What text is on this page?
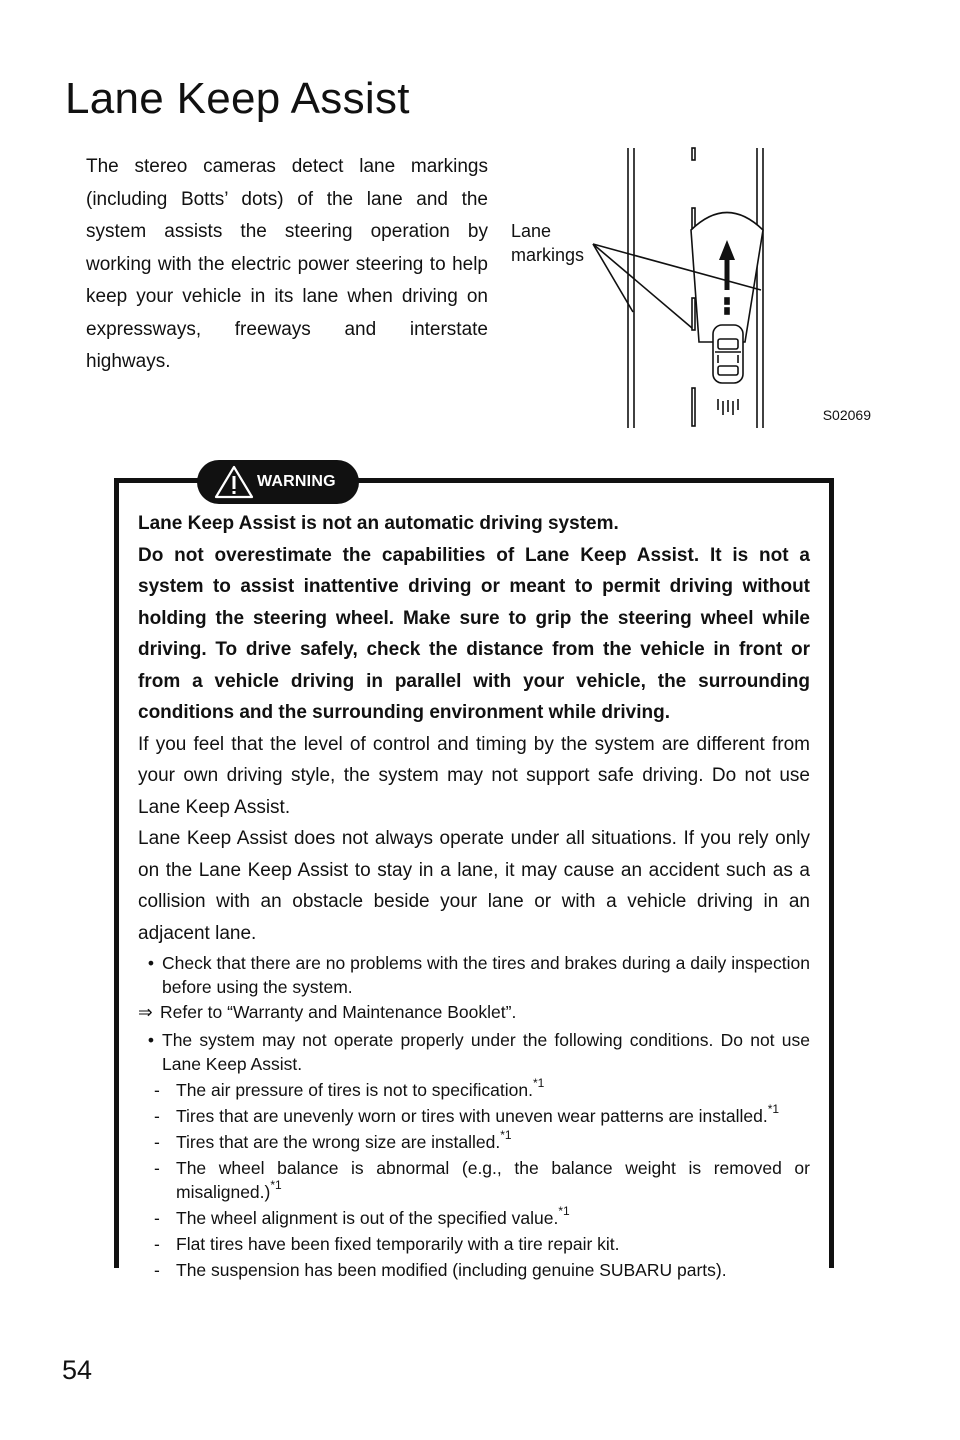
Lane Keep Assist

The stereo cameras detect lane markings (including Botts’ dots) of the lane and the system assists the steering operation by working with the electric power steering to help keep your vehicle in its lane when driving on expressways, freeways and interstate highways.

Lane
markings
S02069
WARNING

Lane Keep Assist is not an automatic driving system.

Do not overestimate the capabilities of Lane Keep Assist. It is not a system to assist inattentive driving or meant to permit driving without holding the steering wheel. Make sure to grip the steering wheel while driving. To drive safely, check the distance from the vehicle in front or from a vehicle driving in parallel with your vehicle, the surrounding conditions and the surrounding environment while driving.

If you feel that the level of control and timing by the system are different from your own driving style, the system may not support safe driving. Do not use Lane Keep Assist.

Lane Keep Assist does not always operate under all situations. If you rely only on the Lane Keep Assist to stay in a lane, it may cause an accident such as a collision with an obstacle beside your lane or with a vehicle driving in an adjacent lane.

• Check that there are no problems with the tires and brakes during a daily inspection before using the system.
⇒ Refer to “Warranty and Maintenance Booklet”.
• The system may not operate properly under the following conditions. Do not use Lane Keep Assist.
- The air pressure of tires is not to specification.$^{*1}$
- Tires that are unevenly worn or tires with uneven wear patterns are installed.$^{*1}$
- Tires that are the wrong size are installed.$^{*1}$
- The wheel balance is abnormal (e.g., the balance weight is removed or misaligned.)$^{*1}$
- The wheel alignment is out of the specified value.$^{*1}$
- Flat tires have been fixed temporarily with a tire repair kit.
- The suspension has been modified (including genuine SUBARU parts).
54
